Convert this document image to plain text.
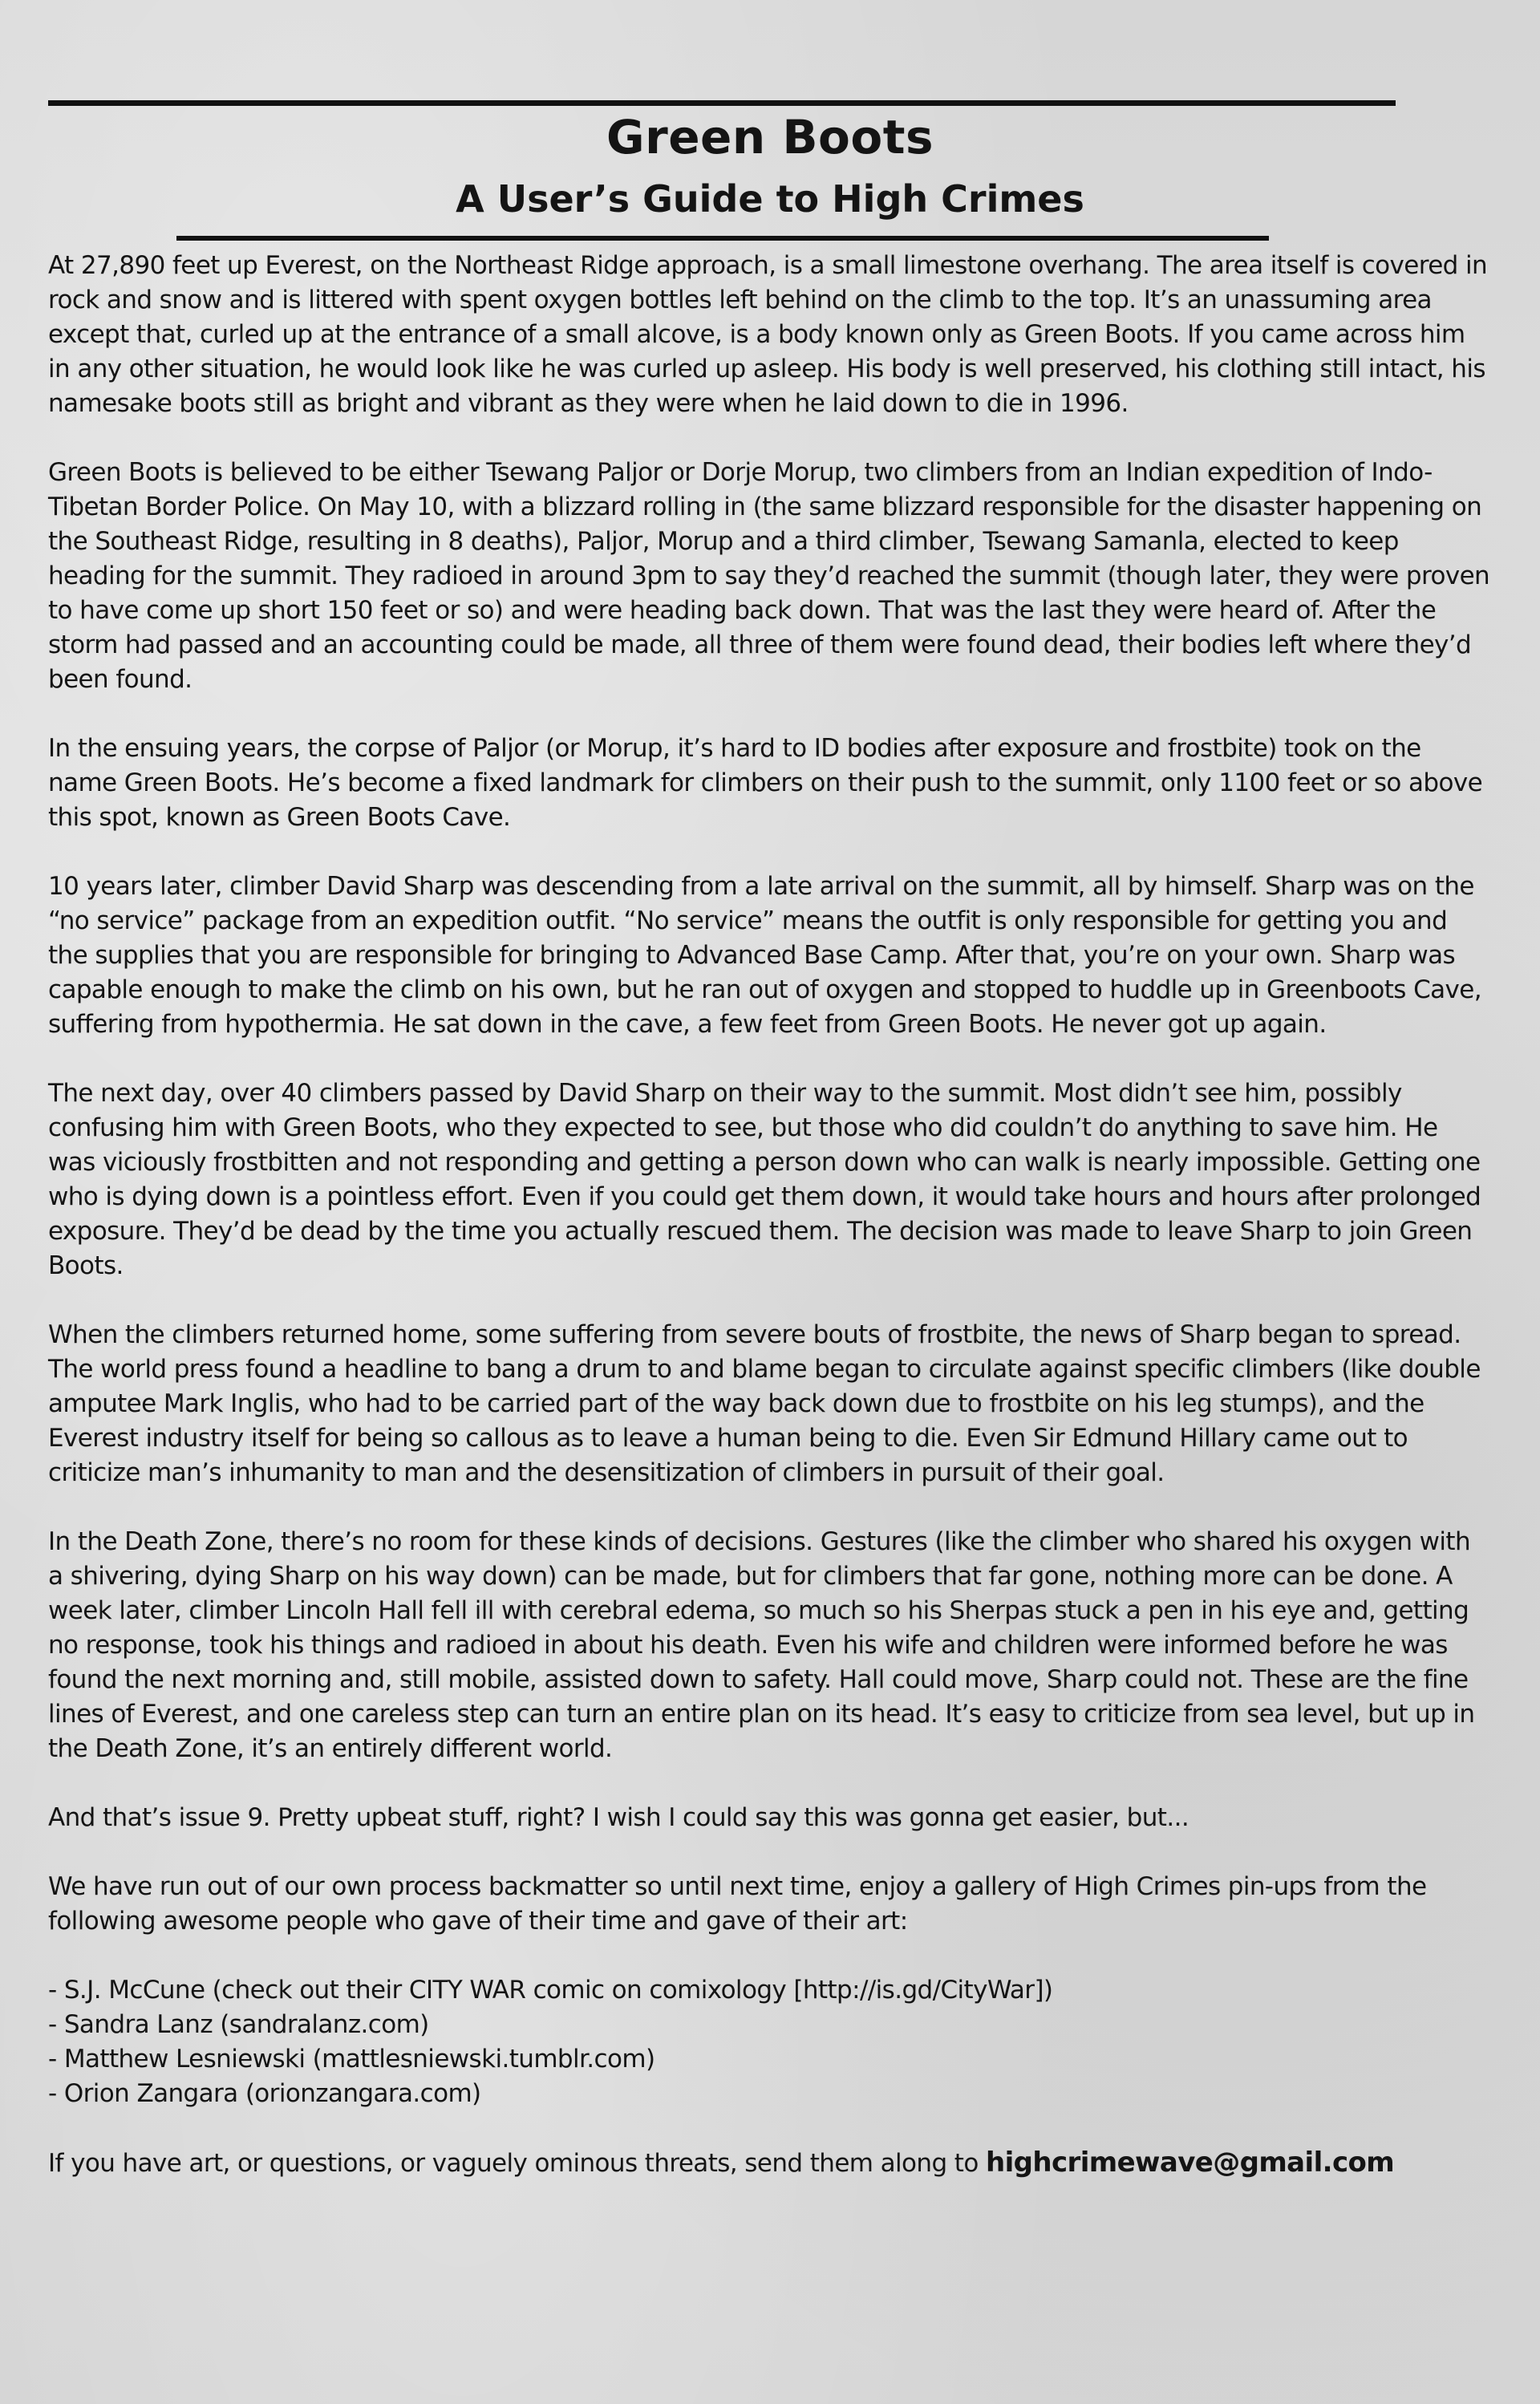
Green Boots
A User’s Guide to High Crimes

At 27,890 feet up Everest, on the Northeast Ridge approach, is a small limestone overhang. The area itself is covered in rock and snow and is littered with spent oxygen bottles left behind on the climb to the top. It’s an unassuming area except that, curled up at the entrance of a small alcove, is a body known only as Green Boots. If you came across him in any other situation, he would look like he was curled up asleep. His body is well preserved, his clothing still intact, his namesake boots still as bright and vibrant as they were when he laid down to die in 1996.

Green Boots is believed to be either Tsewang Paljor or Dorje Morup, two climbers from an Indian expedition of Indo-Tibetan Border Police. On May 10, with a blizzard rolling in (the same blizzard responsible for the disaster happening on the Southeast Ridge, resulting in 8 deaths), Paljor, Morup and a third climber, Tsewang Samanla, elected to keep heading for the summit. They radioed in around 3pm to say they’d reached the summit (though later, they were proven to have come up short 150 feet or so) and were heading back down. That was the last they were heard of. After the storm had passed and an accounting could be made, all three of them were found dead, their bodies left where they’d been found.

In the ensuing years, the corpse of Paljor (or Morup, it’s hard to ID bodies after exposure and frostbite) took on the name Green Boots. He’s become a fixed landmark for climbers on their push to the summit, only 1100 feet or so above this spot, known as Green Boots Cave.

10 years later, climber David Sharp was descending from a late arrival on the summit, all by himself. Sharp was on the “no service” package from an expedition outfit. “No service” means the outfit is only responsible for getting you and the supplies that you are responsible for bringing to Advanced Base Camp. After that, you’re on your own. Sharp was capable enough to make the climb on his own, but he ran out of oxygen and stopped to huddle up in Greenboots Cave, suffering from hypothermia. He sat down in the cave, a few feet from Green Boots. He never got up again.

The next day, over 40 climbers passed by David Sharp on their way to the summit. Most didn’t see him, possibly confusing him with Green Boots, who they expected to see, but those who did couldn’t do anything to save him. He was viciously frostbitten and not responding and getting a person down who can walk is nearly impossible. Getting one who is dying down is a pointless effort. Even if you could get them down, it would take hours and hours after prolonged exposure. They’d be dead by the time you actually rescued them. The decision was made to leave Sharp to join Green Boots.

When the climbers returned home, some suffering from severe bouts of frostbite, the news of Sharp began to spread. The world press found a headline to bang a drum to and blame began to circulate against specific climbers (like double amputee Mark Inglis, who had to be carried part of the way back down due to frostbite on his leg stumps), and the Everest industry itself for being so callous as to leave a human being to die. Even Sir Edmund Hillary came out to criticize man’s inhumanity to man and the desensitization of climbers in pursuit of their goal.

In the Death Zone, there’s no room for these kinds of decisions. Gestures (like the climber who shared his oxygen with a shivering, dying Sharp on his way down) can be made, but for climbers that far gone, nothing more can be done. A week later, climber Lincoln Hall fell ill with cerebral edema, so much so his Sherpas stuck a pen in his eye and, getting no response, took his things and radioed in about his death. Even his wife and children were informed before he was found the next morning and, still mobile, assisted down to safety. Hall could move, Sharp could not. These are the fine lines of Everest, and one careless step can turn an entire plan on its head. It’s easy to criticize from sea level, but up in the Death Zone, it’s an entirely different world.

And that’s issue 9. Pretty upbeat stuff, right? I wish I could say this was gonna get easier, but...

We have run out of our own process backmatter so until next time, enjoy a gallery of High Crimes pin-ups from the following awesome people who gave of their time and gave of their art:

- S.J. McCune (check out their CITY WAR comic on comixology [http://is.gd/CityWar])
- Sandra Lanz (sandralanz.com)
- Matthew Lesniewski (mattlesniewski.tumblr.com)
- Orion Zangara (orionzangara.com)

If you have art, or questions, or vaguely ominous threats, send them along to highcrimewave@gmail.com
